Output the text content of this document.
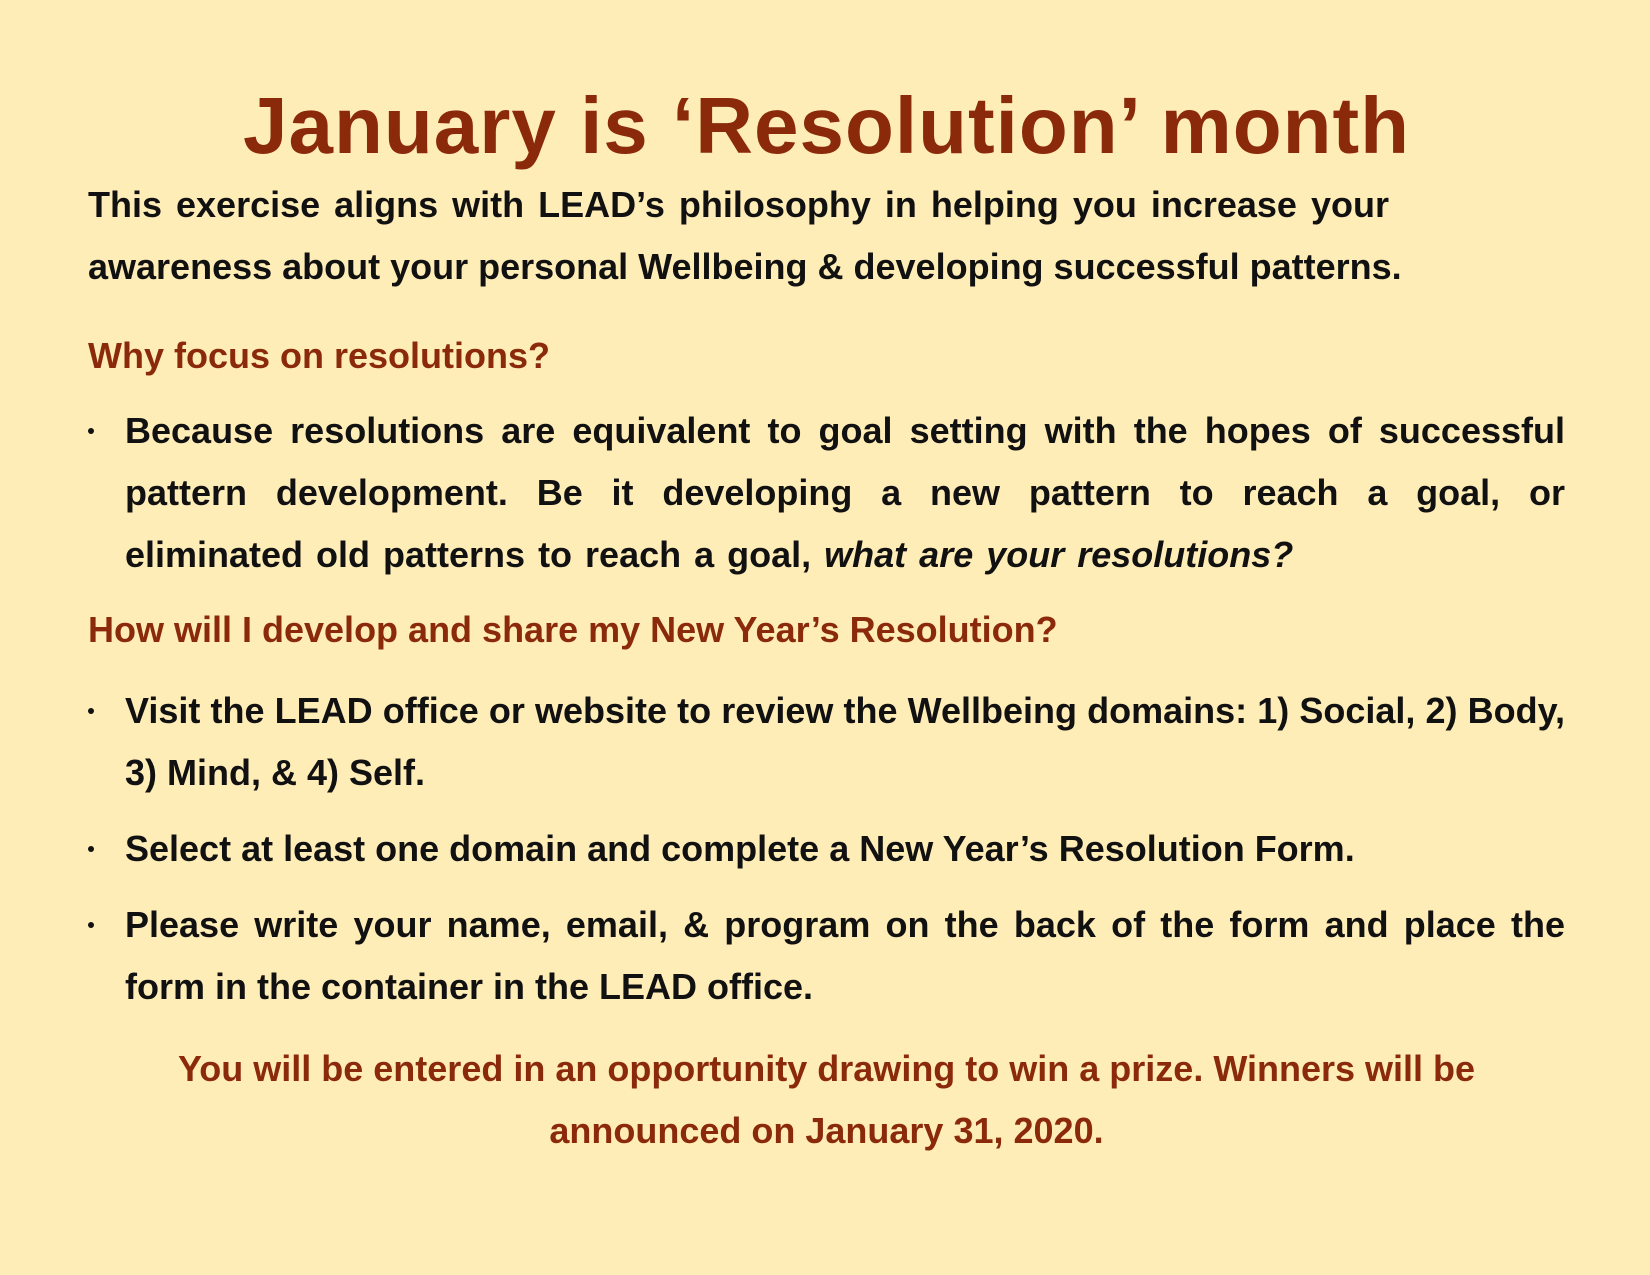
January is ‘Resolution’ month

This exercise aligns with LEAD’s philosophy in helping you increase your
awareness about your personal Wellbeing & developing successful patterns.

Why focus on resolutions?
Because resolutions are equivalent to goal setting with the hopes of successful pattern development. Be it developing a new pattern to reach a goal, or eliminated old patterns to reach a goal, what are your resolutions?
How will I develop and share my New Year’s Resolution?
Visit the LEAD office or website to review the Wellbeing domains: 1) Social, 2) Body, 3) Mind, & 4) Self.
Select at least one domain and complete a New Year’s Resolution Form.
Please write your name, email, & program on the back of the form and place the form in the container in the LEAD office.

You will be entered in an opportunity drawing to win a prize. Winners will be
announced on January 31, 2020.
